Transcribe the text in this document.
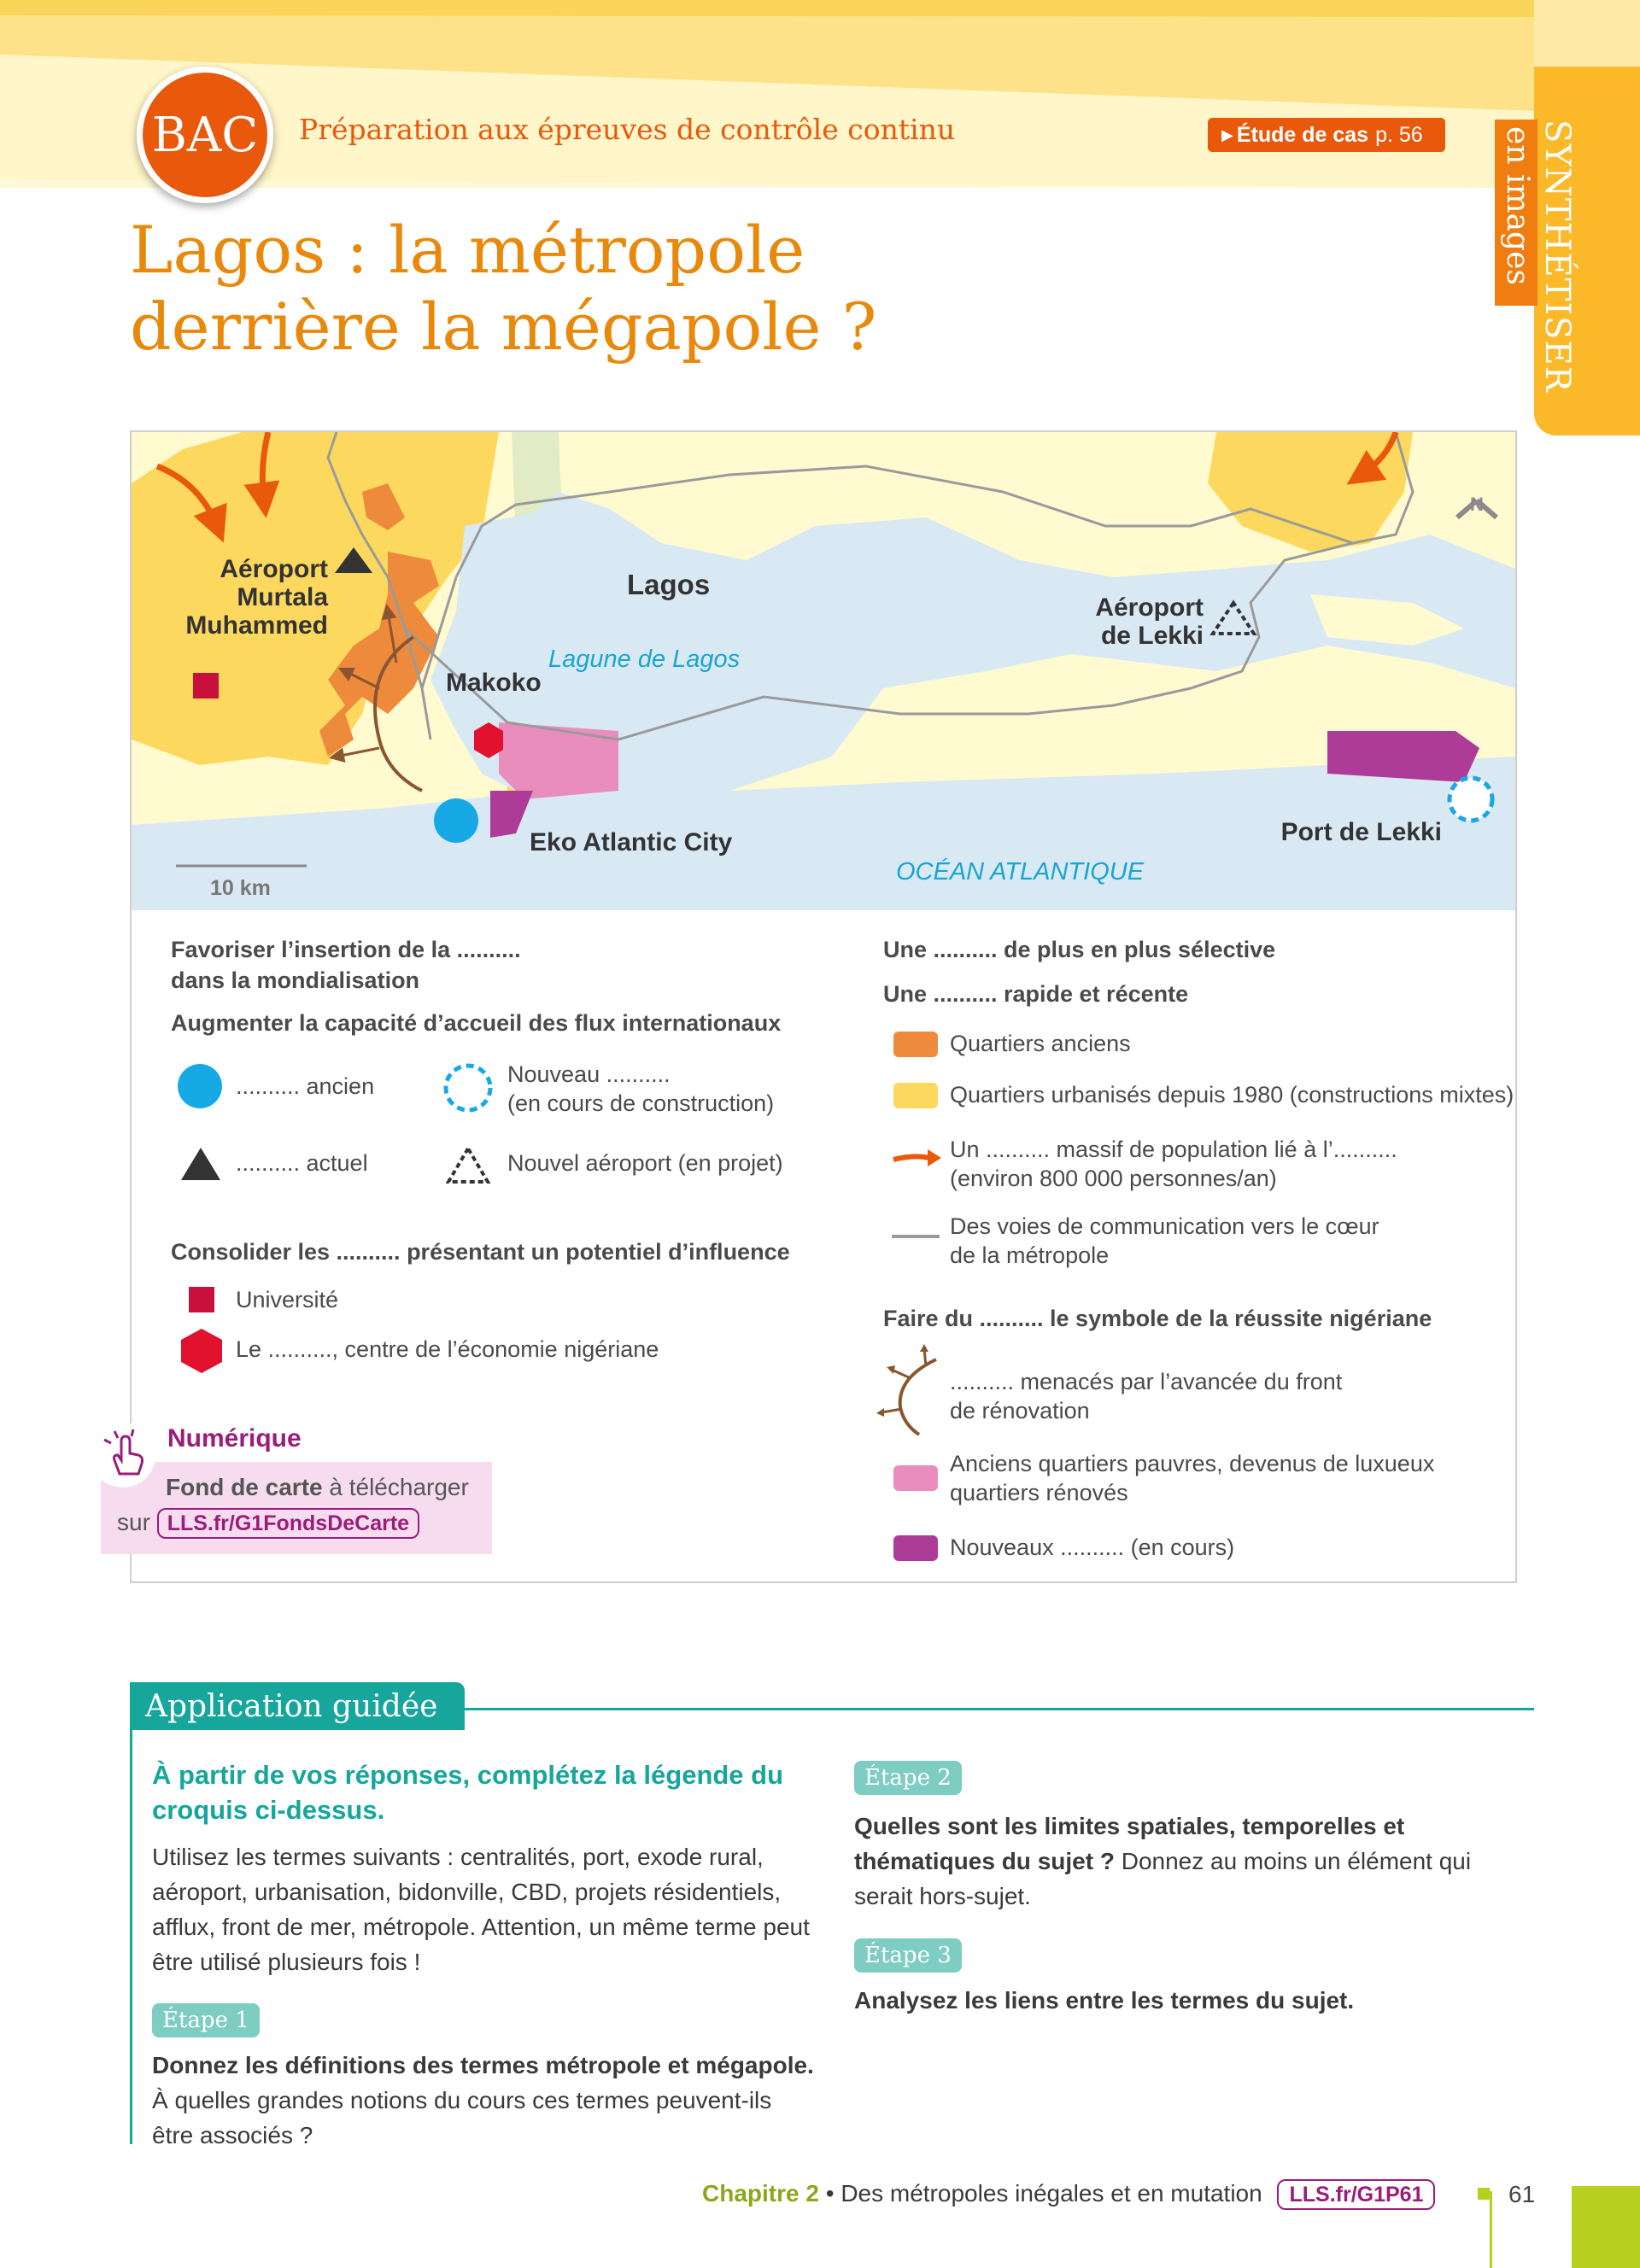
BAC Préparation aux épreuves de contrôle continu	▶ Étude de cas p. 56	SYNTHÉTISER
en images
Lagos : la métropole
derrière la mégapole ?
Aéroport
Murtala
Muhammed
Lagos
Lagune de Lagos
Makoko
Aéroport
de Lekki
Eko Atlantic City	Port de Lekki
OCÉAN ATLANTIQUE
10 km
N
Favoriser l’insertion de la ..........
dans la mondialisation
Augmenter la capacité d’accueil des flux internationaux
.......... ancien	Nouveau ..........
(en cours de construction)
.......... actuel	Nouvel aéroport (en projet)
Consolider les .......... présentant un potentiel d’influence
Université
Le .........., centre de l’économie nigériane
Une .......... de plus en plus sélective
Une .......... rapide et récente
Quartiers anciens
Quartiers urbanisés depuis 1980 (constructions mixtes)
Un .......... massif de population lié à l’..........
(environ 800 000 personnes/an)
Des voies de communication vers le cœur
de la métropole
Faire du .......... le symbole de la réussite nigériane
.......... menacés par l’avancée du front
de rénovation
Anciens quartiers pauvres, devenus de luxueux
quartiers rénovés
Nouveaux .......... (en cours)
Numérique
Fond de carte à télécharger
sur LLS.fr/G1FondsDeCarte
Application guidée
À partir de vos réponses, complétez la légende du croquis ci-dessus.
Utilisez les termes suivants : centralités, port, exode rural, aéroport, urbanisation, bidonville, CBD, projets résidentiels, afflux, front de mer, métropole. Attention, un même terme peut être utilisé plusieurs fois !
Étape 1
Donnez les définitions des termes métropole et mégapole.
À quelles grandes notions du cours ces termes peuvent-ils être associés ?
Étape 2
Quelles sont les limites spatiales, temporelles et thématiques du sujet ? Donnez au moins un élément qui serait hors-sujet.
Étape 3
Analysez les liens entre les termes du sujet.
Chapitre 2 • Des métropoles inégales et en mutation LLS.fr/G1P61	61
